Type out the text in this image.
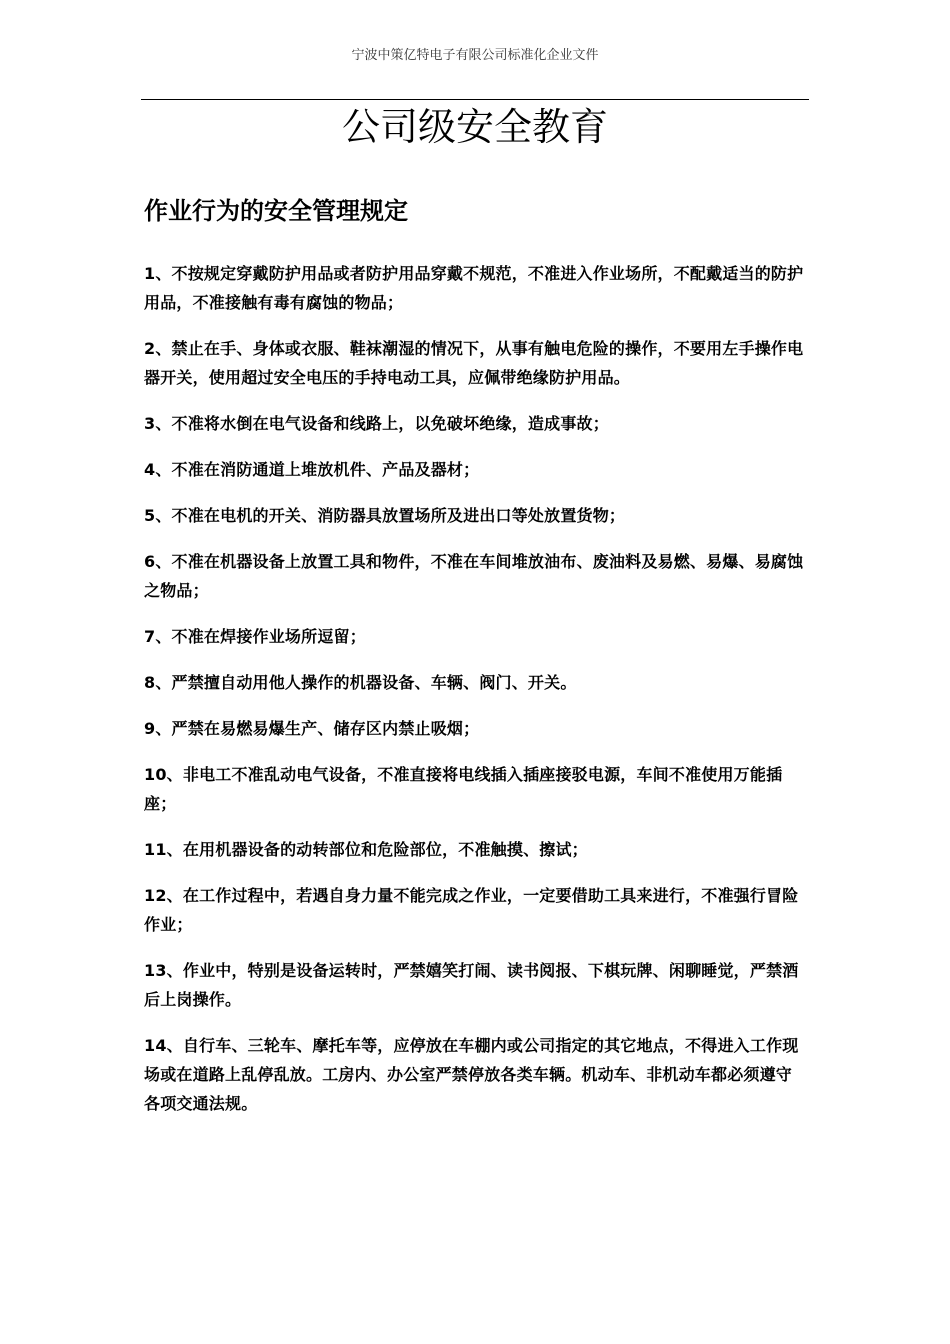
宁波中策亿特电子有限公司标准化企业文件
公司级安全教育
作业行为的安全管理规定
1、不按规定穿戴防护用品或者防护用品穿戴不规范，不准进入作业场所，不配戴适当的防护用品，不准接触有毒有腐蚀的物品；
2、禁止在手、身体或衣服、鞋袜潮湿的情况下，从事有触电危险的操作，不要用左手操作电器开关，使用超过安全电压的手持电动工具，应佩带绝缘防护用品。
3、不准将水倒在电气设备和线路上，以免破坏绝缘，造成事故；
4、不准在消防通道上堆放机件、产品及器材；
5、不准在电机的开关、消防器具放置场所及进出口等处放置货物；
6、不准在机器设备上放置工具和物件，不准在车间堆放油布、废油料及易燃、易爆、易腐蚀之物品；
7、不准在焊接作业场所逗留；
8、严禁擅自动用他人操作的机器设备、车辆、阀门、开关。
9、严禁在易燃易爆生产、储存区内禁止吸烟；
10、非电工不准乱动电气设备，不准直接将电线插入插座接驳电源，车间不准使用万能插座；
11、在用机器设备的动转部位和危险部位，不准触摸、擦试；
12、在工作过程中，若遇自身力量不能完成之作业，一定要借助工具来进行，不准强行冒险作业；
13、作业中，特别是设备运转时，严禁嬉笑打闹、读书阅报、下棋玩牌、闲聊睡觉，严禁酒后上岗操作。
14、自行车、三轮车、摩托车等，应停放在车棚内或公司指定的其它地点，不得进入工作现场或在道路上乱停乱放。工房内、办公室严禁停放各类车辆。机动车、非机动车都必须遵守各项交通法规。
